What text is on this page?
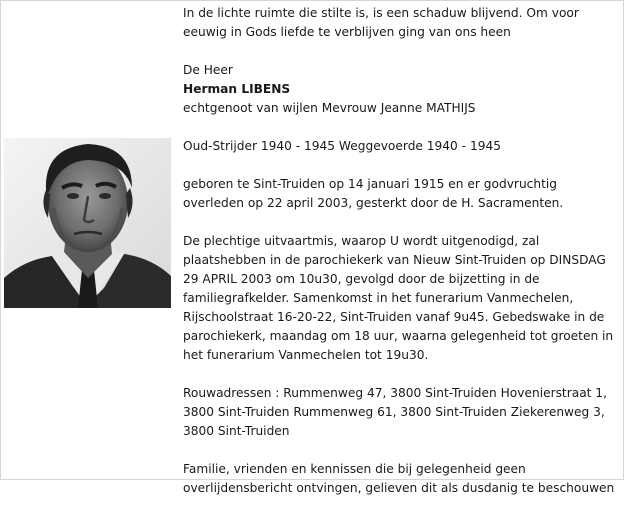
In de lichte ruimte die stilte is, is een schaduw blijvend. Om voor eeuwig in Gods liefde te verblijven ging van ons heen

De Heer

Herman LIBENS

echtgenoot van wijlen Mevrouw Jeanne MATHIJS

Oud-Strijder 1940 - 1945 Weggevoerde 1940 - 1945

geboren te Sint-Truiden op 14 januari 1915 en er godvruchtig overleden op 22 april 2003, gesterkt door de H. Sacramenten.

De plechtige uitvaartmis, waarop U wordt uitgenodigd, zal plaatshebben in de parochiekerk van Nieuw Sint-Truiden op DINSDAG 29 APRIL 2003 om 10u30, gevolgd door de bijzetting in de familiegrafkelder. Samenkomst in het funerarium Vanmechelen, Rijschoolstraat 16-20-22, Sint-Truiden vanaf 9u45. Gebedswake in de parochiekerk, maandag om 18 uur, waarna gelegenheid tot groeten in het funerarium Vanmechelen tot 19u30.

Rouwadressen : Rummenweg 47, 3800 Sint-Truiden Hovenierstraat 1, 3800 Sint-Truiden Rummenweg 61, 3800 Sint-Truiden Ziekerenweg 3, 3800 Sint-Truiden

Familie, vrienden en kennissen die bij gelegenheid geen overlijdensbericht ontvingen, gelieven dit als dusdanig te beschouwen
